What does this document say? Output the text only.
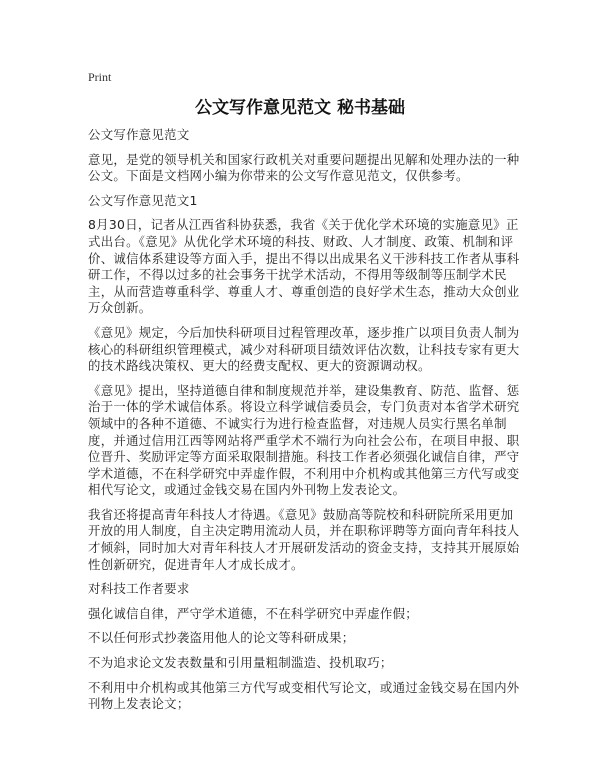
Print
公文写作意见范文 秘书基础

公文写作意见范文

意见，是党的领导机关和国家行政机关对重要问题提出见解和处理办法的一种公文。下面是文档网小编为你带来的公文写作意见范文，仅供参考。

公文写作意见范文1

8月30日，记者从江西省科协获悉，我省《关于优化学术环境的实施意见》正式出台。《意见》从优化学术环境的科技、财政、人才制度、政策、机制和评价、诚信体系建设等方面入手，提出不得以出成果名义干涉科技工作者从事科研工作，不得以过多的社会事务干扰学术活动，不得用等级制等压制学术民主，从而营造尊重科学、尊重人才、尊重创造的良好学术生态，推动大众创业万众创新。

《意见》规定，今后加快科研项目过程管理改革，逐步推广以项目负责人制为核心的科研组织管理模式，减少对科研项目绩效评估次数，让科技专家有更大的技术路线决策权、更大的经费支配权、更大的资源调动权。

《意见》提出，坚持道德自律和制度规范并举，建设集教育、防范、监督、惩治于一体的学术诚信体系。将设立科学诚信委员会，专门负责对本省学术研究领域中的各种不道德、不诚实行为进行检查监督，对违规人员实行黑名单制度，并通过信用江西等网站将严重学术不端行为向社会公布，在项目申报、职位晋升、奖励评定等方面采取限制措施。科技工作者必须强化诚信自律，严守学术道德，不在科学研究中弄虚作假，不利用中介机构或其他第三方代写或变相代写论文，或通过金钱交易在国内外刊物上发表论文。

我省还将提高青年科技人才待遇。《意见》鼓励高等院校和科研院所采用更加开放的用人制度，自主决定聘用流动人员，并在职称评聘等方面向青年科技人才倾斜，同时加大对青年科技人才开展研发活动的资金支持，支持其开展原始性创新研究，促进青年人才成长成才。

对科技工作者要求

强化诚信自律，严守学术道德，不在科学研究中弄虚作假；

不以任何形式抄袭盗用他人的论文等科研成果；

不为追求论文发表数量和引用量粗制滥造、投机取巧；

不利用中介机构或其他第三方代写或变相代写论文，或通过金钱交易在国内外刊物上发表论文；
